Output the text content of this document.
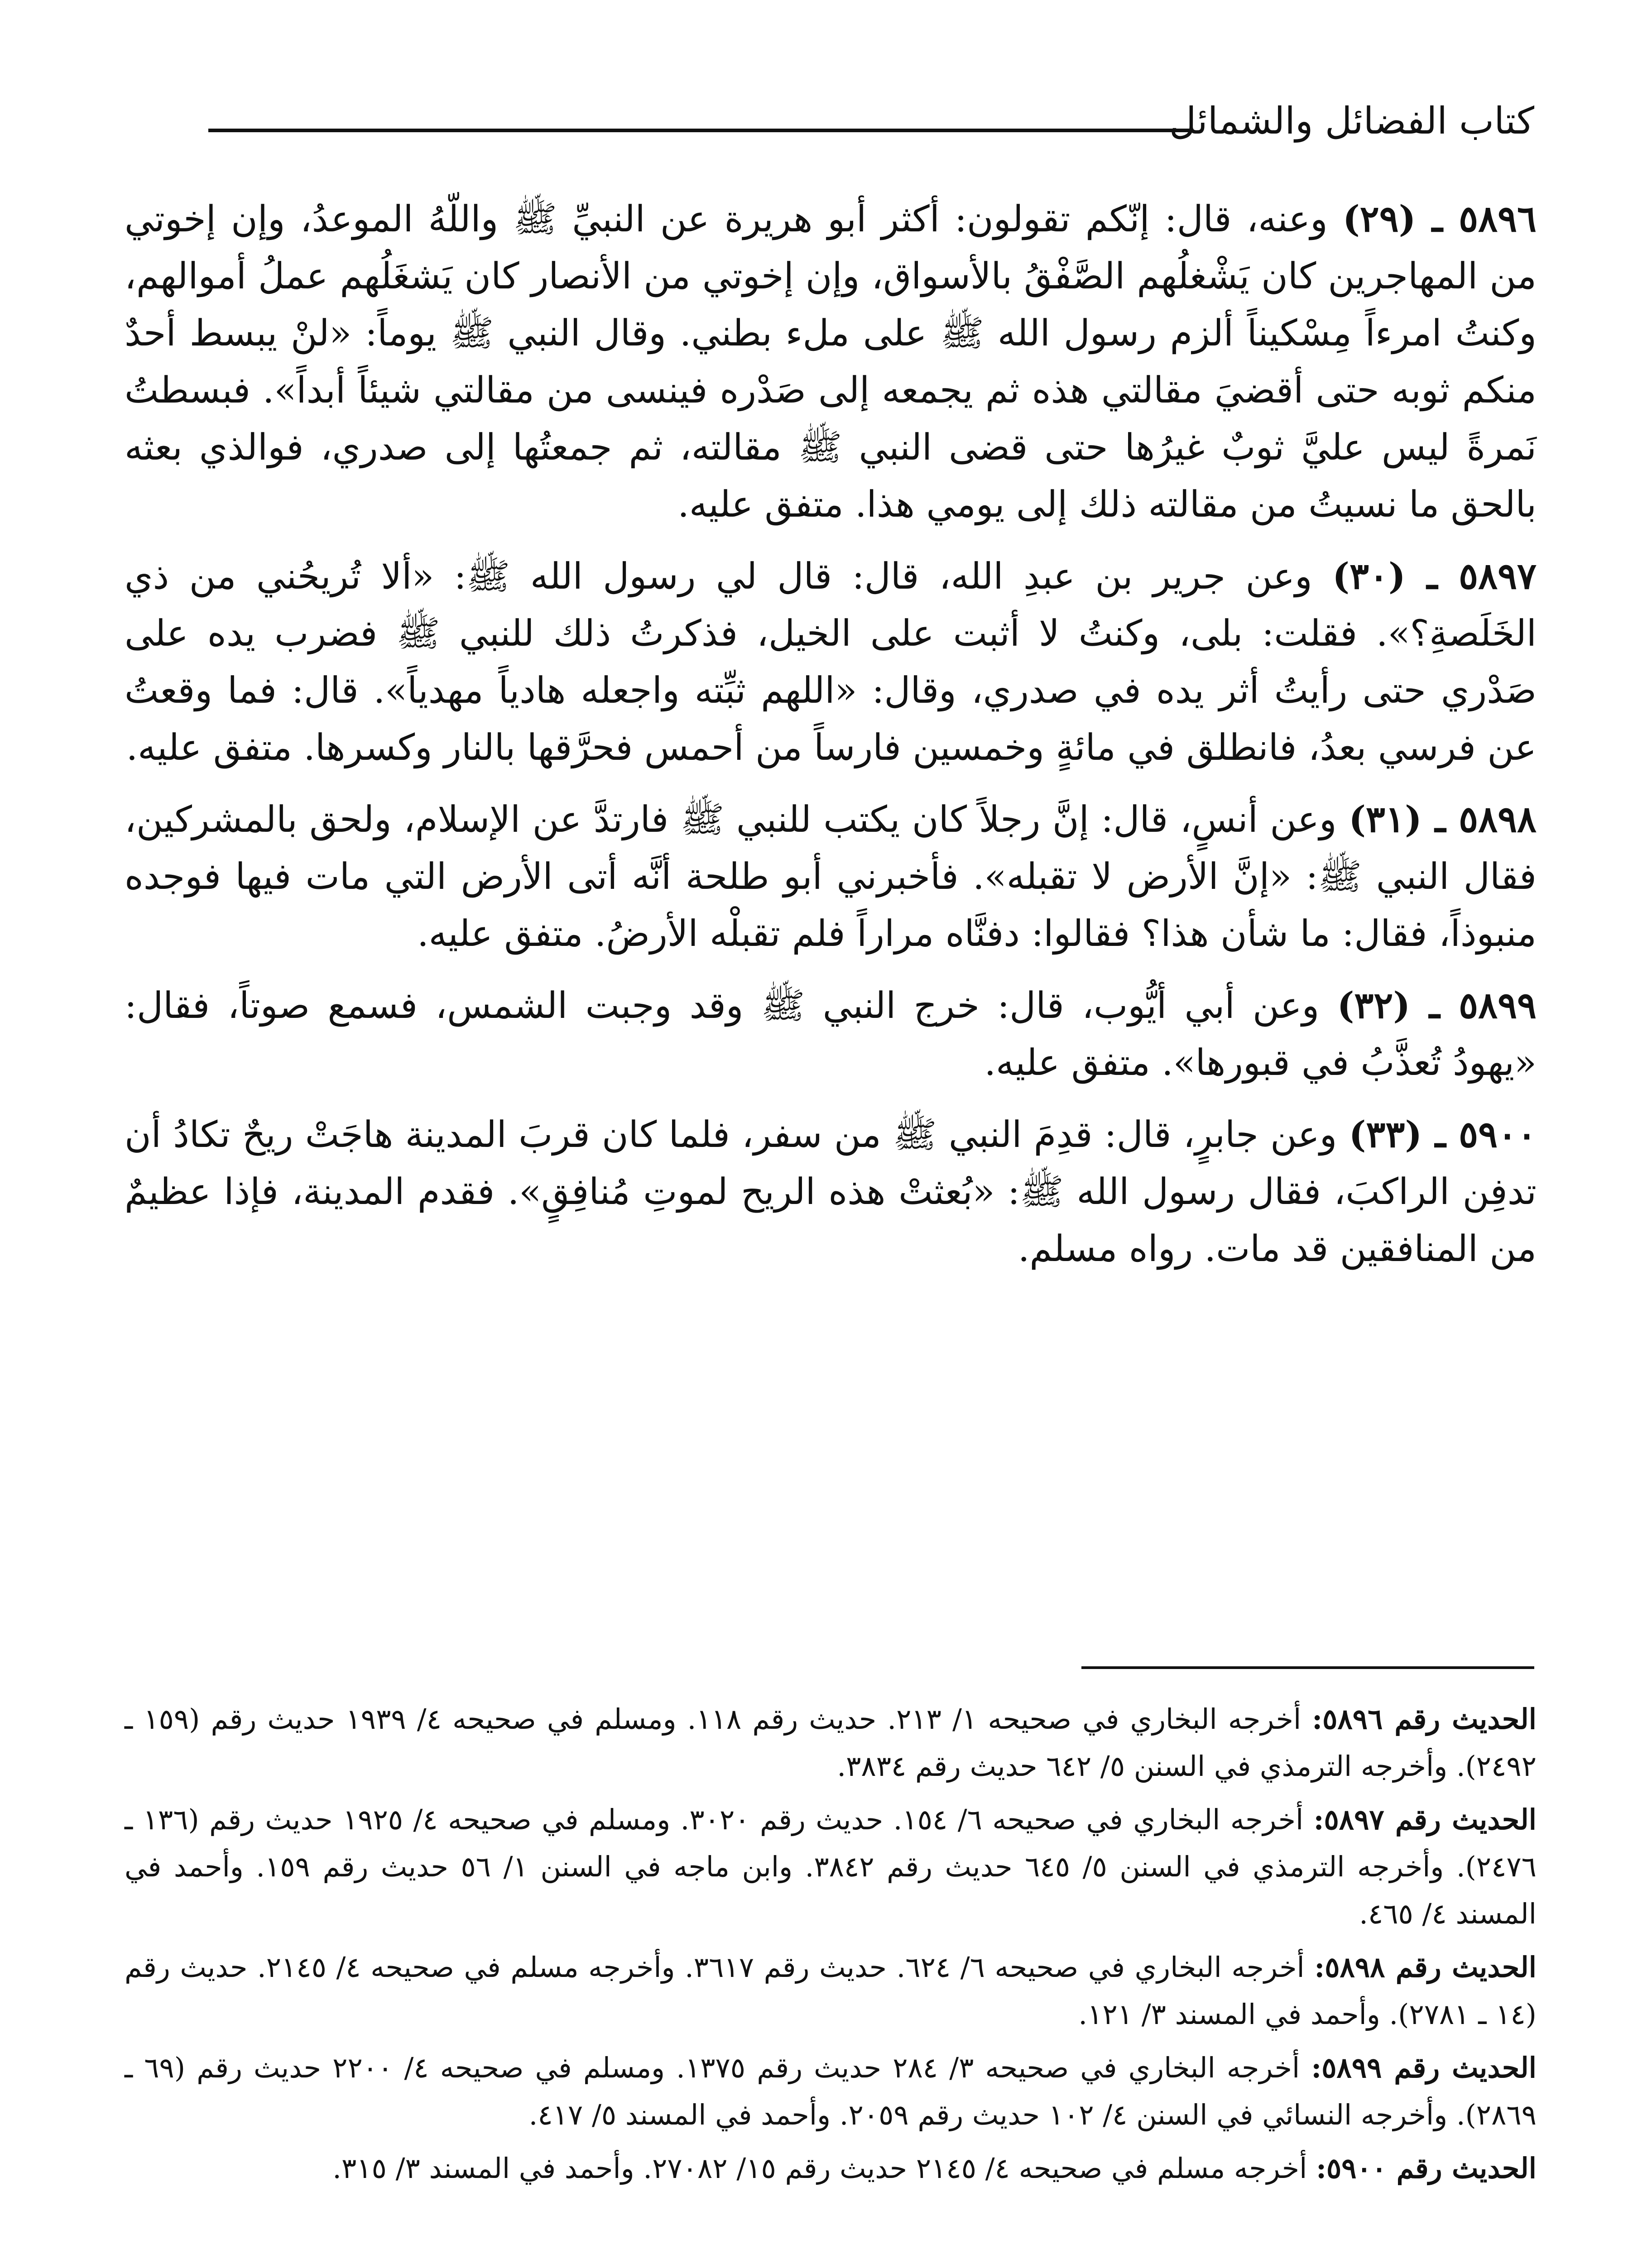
كتاب الفضائل والشمائل

٥٨٩٦ ـ (٢٩) وعنه، قال: إنّكم تقولون: أكثر أبو هريرة عن النبيِّ ﷺ واللّهُ الموعدُ، وإن إخوتي من المهاجرين كان يَشْغلُهم الصَّفْقُ بالأسواق، وإن إخوتي من الأنصار كان يَشغَلُهم عملُ أموالهم، وكنتُ امرءاً مِسْكيناً ألزم رسول الله ﷺ على ملء بطني. وقال النبي ﷺ يوماً: «لنْ يبسط أحدٌ منكم ثوبه حتى أقضيَ مقالتي هذه ثم يجمعه إلى صَدْره فينسى من مقالتي شيئاً أبداً». فبسطتُ نَمرةً ليس عليَّ ثوبٌ غيرُها حتى قضى النبي ﷺ مقالته، ثم جمعتُها إلى صدري، فوالذي بعثه بالحق ما نسيتُ من مقالته ذلك إلى يومي هذا. متفق عليه.

٥٨٩٧ ـ (٣٠) وعن جرير بن عبدِ الله، قال: قال لي رسول الله ﷺ: «ألا تُريحُني من ذي الخَلَصةِ؟». فقلت: بلى، وكنتُ لا أثبت على الخيل، فذكرتُ ذلك للنبي ﷺ فضرب يده على صَدْري حتى رأيتُ أثر يده في صدري، وقال: «اللهم ثبِّته واجعله هادياً مهدياً». قال: فما وقعتُ عن فرسي بعدُ، فانطلق في مائةٍ وخمسين فارساً من أحمس فحرَّقها بالنار وكسرها. متفق عليه.

٥٨٩٨ ـ (٣١) وعن أنسٍ، قال: إنَّ رجلاً كان يكتب للنبي ﷺ فارتدَّ عن الإسلام، ولحق بالمشركين، فقال النبي ﷺ: «إنَّ الأرض لا تقبله». فأخبرني أبو طلحة أنَّه أتى الأرض التي مات فيها فوجده منبوذاً، فقال: ما شأن هذا؟ فقالوا: دفنَّاه مراراً فلم تقبلْه الأرضُ. متفق عليه.

٥٨٩٩ ـ (٣٢) وعن أبي أيُّوب، قال: خرج النبي ﷺ وقد وجبت الشمس، فسمع صوتاً، فقال: «يهودُ تُعذَّبُ في قبورها». متفق عليه.

٥٩٠٠ ـ (٣٣) وعن جابرٍ، قال: قدِمَ النبي ﷺ من سفر، فلما كان قربَ المدينة هاجَتْ ريحٌ تكادُ أن تدفِن الراكبَ، فقال رسول الله ﷺ: «بُعثتْ هذه الريح لموتِ مُنافِقٍ». فقدم المدينة، فإذا عظيمٌ من المنافقين قد مات. رواه مسلم.

الحديث رقم ٥٨٩٦: أخرجه البخاري في صحيحه ١/ ٢١٣. حديث رقم ١١٨. ومسلم في صحيحه ٤/ ١٩٣٩ حديث رقم (١٥٩ ـ ٢٤٩٢). وأخرجه الترمذي في السنن ٥/ ٦٤٢ حديث رقم ٣٨٣٤.

الحديث رقم ٥٨٩٧: أخرجه البخاري في صحيحه ٦/ ١٥٤. حديث رقم ٣٠٢٠. ومسلم في صحيحه ٤/ ١٩٢٥ حديث رقم (١٣٦ ـ ٢٤٧٦). وأخرجه الترمذي في السنن ٥/ ٦٤٥ حديث رقم ٣٨٤٢. وابن ماجه في السنن ١/ ٥٦ حديث رقم ١٥٩. وأحمد في المسند ٤/ ٤٦٥.

الحديث رقم ٥٨٩٨: أخرجه البخاري في صحيحه ٦/ ٦٢٤. حديث رقم ٣٦١٧. وأخرجه مسلم في صحيحه ٤/ ٢١٤٥. حديث رقم (١٤ ـ ٢٧٨١). وأحمد في المسند ٣/ ١٢١.

الحديث رقم ٥٨٩٩: أخرجه البخاري في صحيحه ٣/ ٢٨٤ حديث رقم ١٣٧٥. ومسلم في صحيحه ٤/ ٢٢٠٠ حديث رقم (٦٩ ـ ٢٨٦٩). وأخرجه النسائي في السنن ٤/ ١٠٢ حديث رقم ٢٠٥٩. وأحمد في المسند ٥/ ٤١٧.

الحديث رقم ٥٩٠٠: أخرجه مسلم في صحيحه ٤/ ٢١٤٥ حديث رقم ١٥/ ٢٧٠٨٢. وأحمد في المسند ٣/ ٣١٥.
